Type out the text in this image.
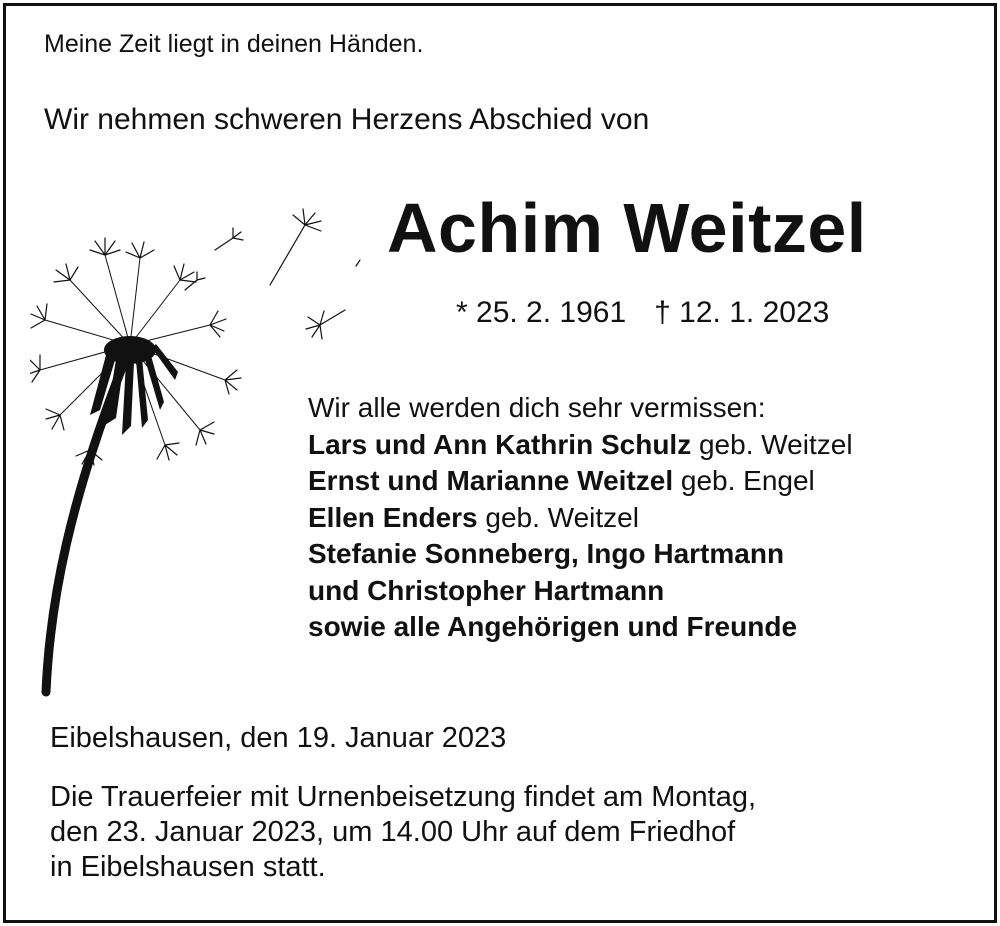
Meine Zeit liegt in deinen Händen.
Wir nehmen schweren Herzens Abschied von
Achim Weitzel
* 25. 2. 1961 † 12. 1. 2023
Wir alle werden dich sehr vermissen:
Lars und Ann Kathrin Schulz geb. Weitzel
Ernst und Marianne Weitzel geb. Engel
Ellen Enders geb. Weitzel
Stefanie Sonneberg, Ingo Hartmann
und Christopher Hartmann
sowie alle Angehörigen und Freunde
Eibelshausen, den 19. Januar 2023
Die Trauerfeier mit Urnenbeisetzung findet am Montag,
den 23. Januar 2023, um 14.00 Uhr auf dem Friedhof
in Eibelshausen statt.
